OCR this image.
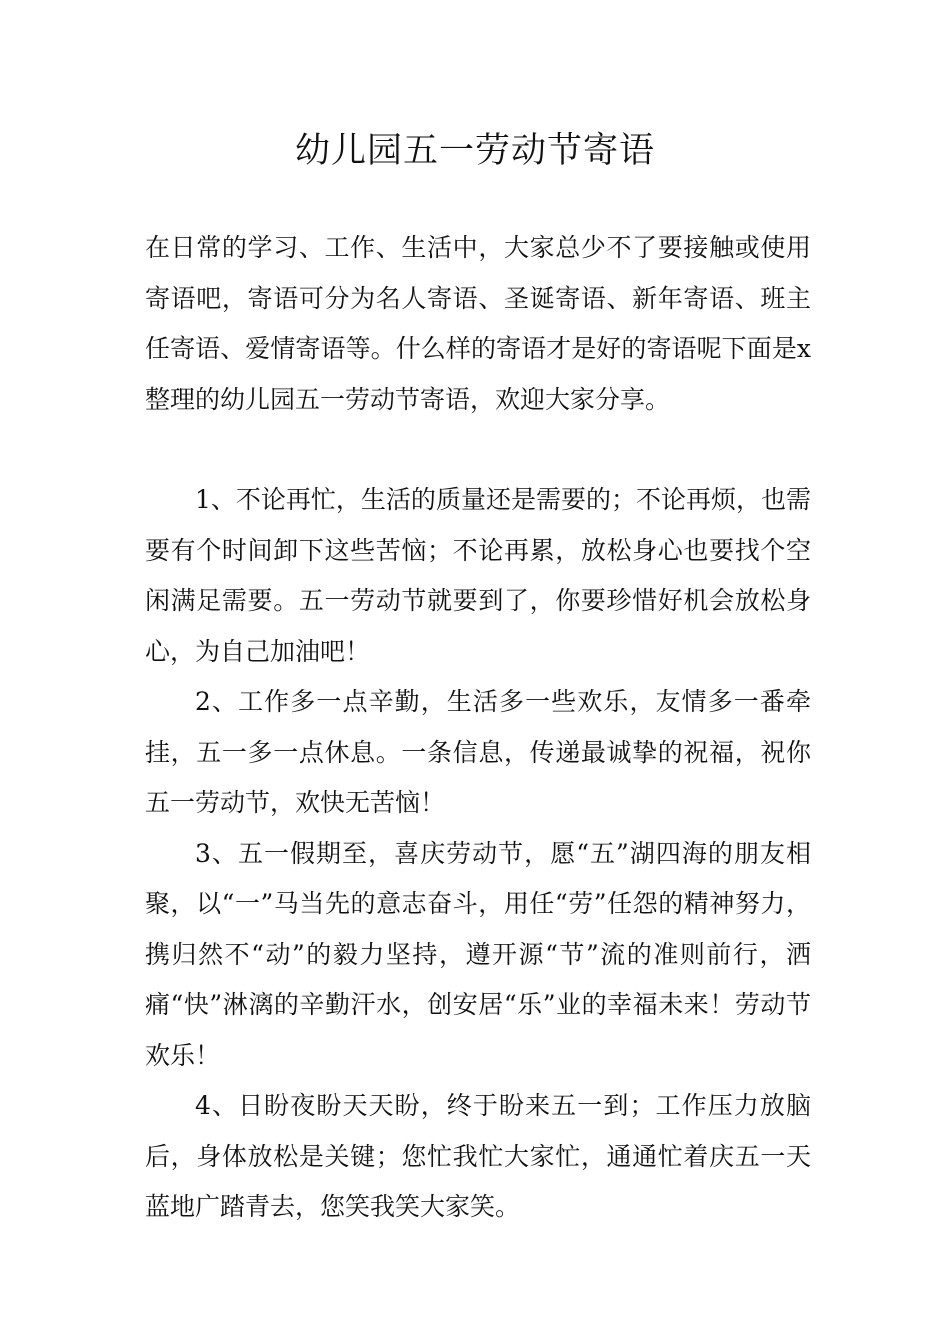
幼儿园五一劳动节寄语

在日常的学习、工作、生活中，大家总少不了要接触或使用寄语吧，寄语可分为名人寄语、圣诞寄语、新年寄语、班主任寄语、爱情寄语等。什么样的寄语才是好的寄语呢下面是x整理的幼儿园五一劳动节寄语，欢迎大家分享。

1、不论再忙，生活的质量还是需要的；不论再烦，也需要有个时间卸下这些苦恼；不论再累，放松身心也要找个空闲满足需要。五一劳动节就要到了，你要珍惜好机会放松身心，为自己加油吧！

2、工作多一点辛勤，生活多一些欢乐，友情多一番牵挂，五一多一点休息。一条信息，传递最诚挚的祝福，祝你五一劳动节，欢快无苦恼！

3、五一假期至，喜庆劳动节，愿“五”湖四海的朋友相聚，以“一”马当先的意志奋斗，用任“劳”任怨的精神努力，携归然不“动”的毅力坚持，遵开源“节”流的准则前行，洒痛“快”淋漓的辛勤汗水，创安居“乐”业的幸福未来！劳动节欢乐！

4、日盼夜盼天天盼，终于盼来五一到；工作压力放脑后，身体放松是关键；您忙我忙大家忙，通通忙着庆五一天蓝地广踏青去，您笑我笑大家笑。
